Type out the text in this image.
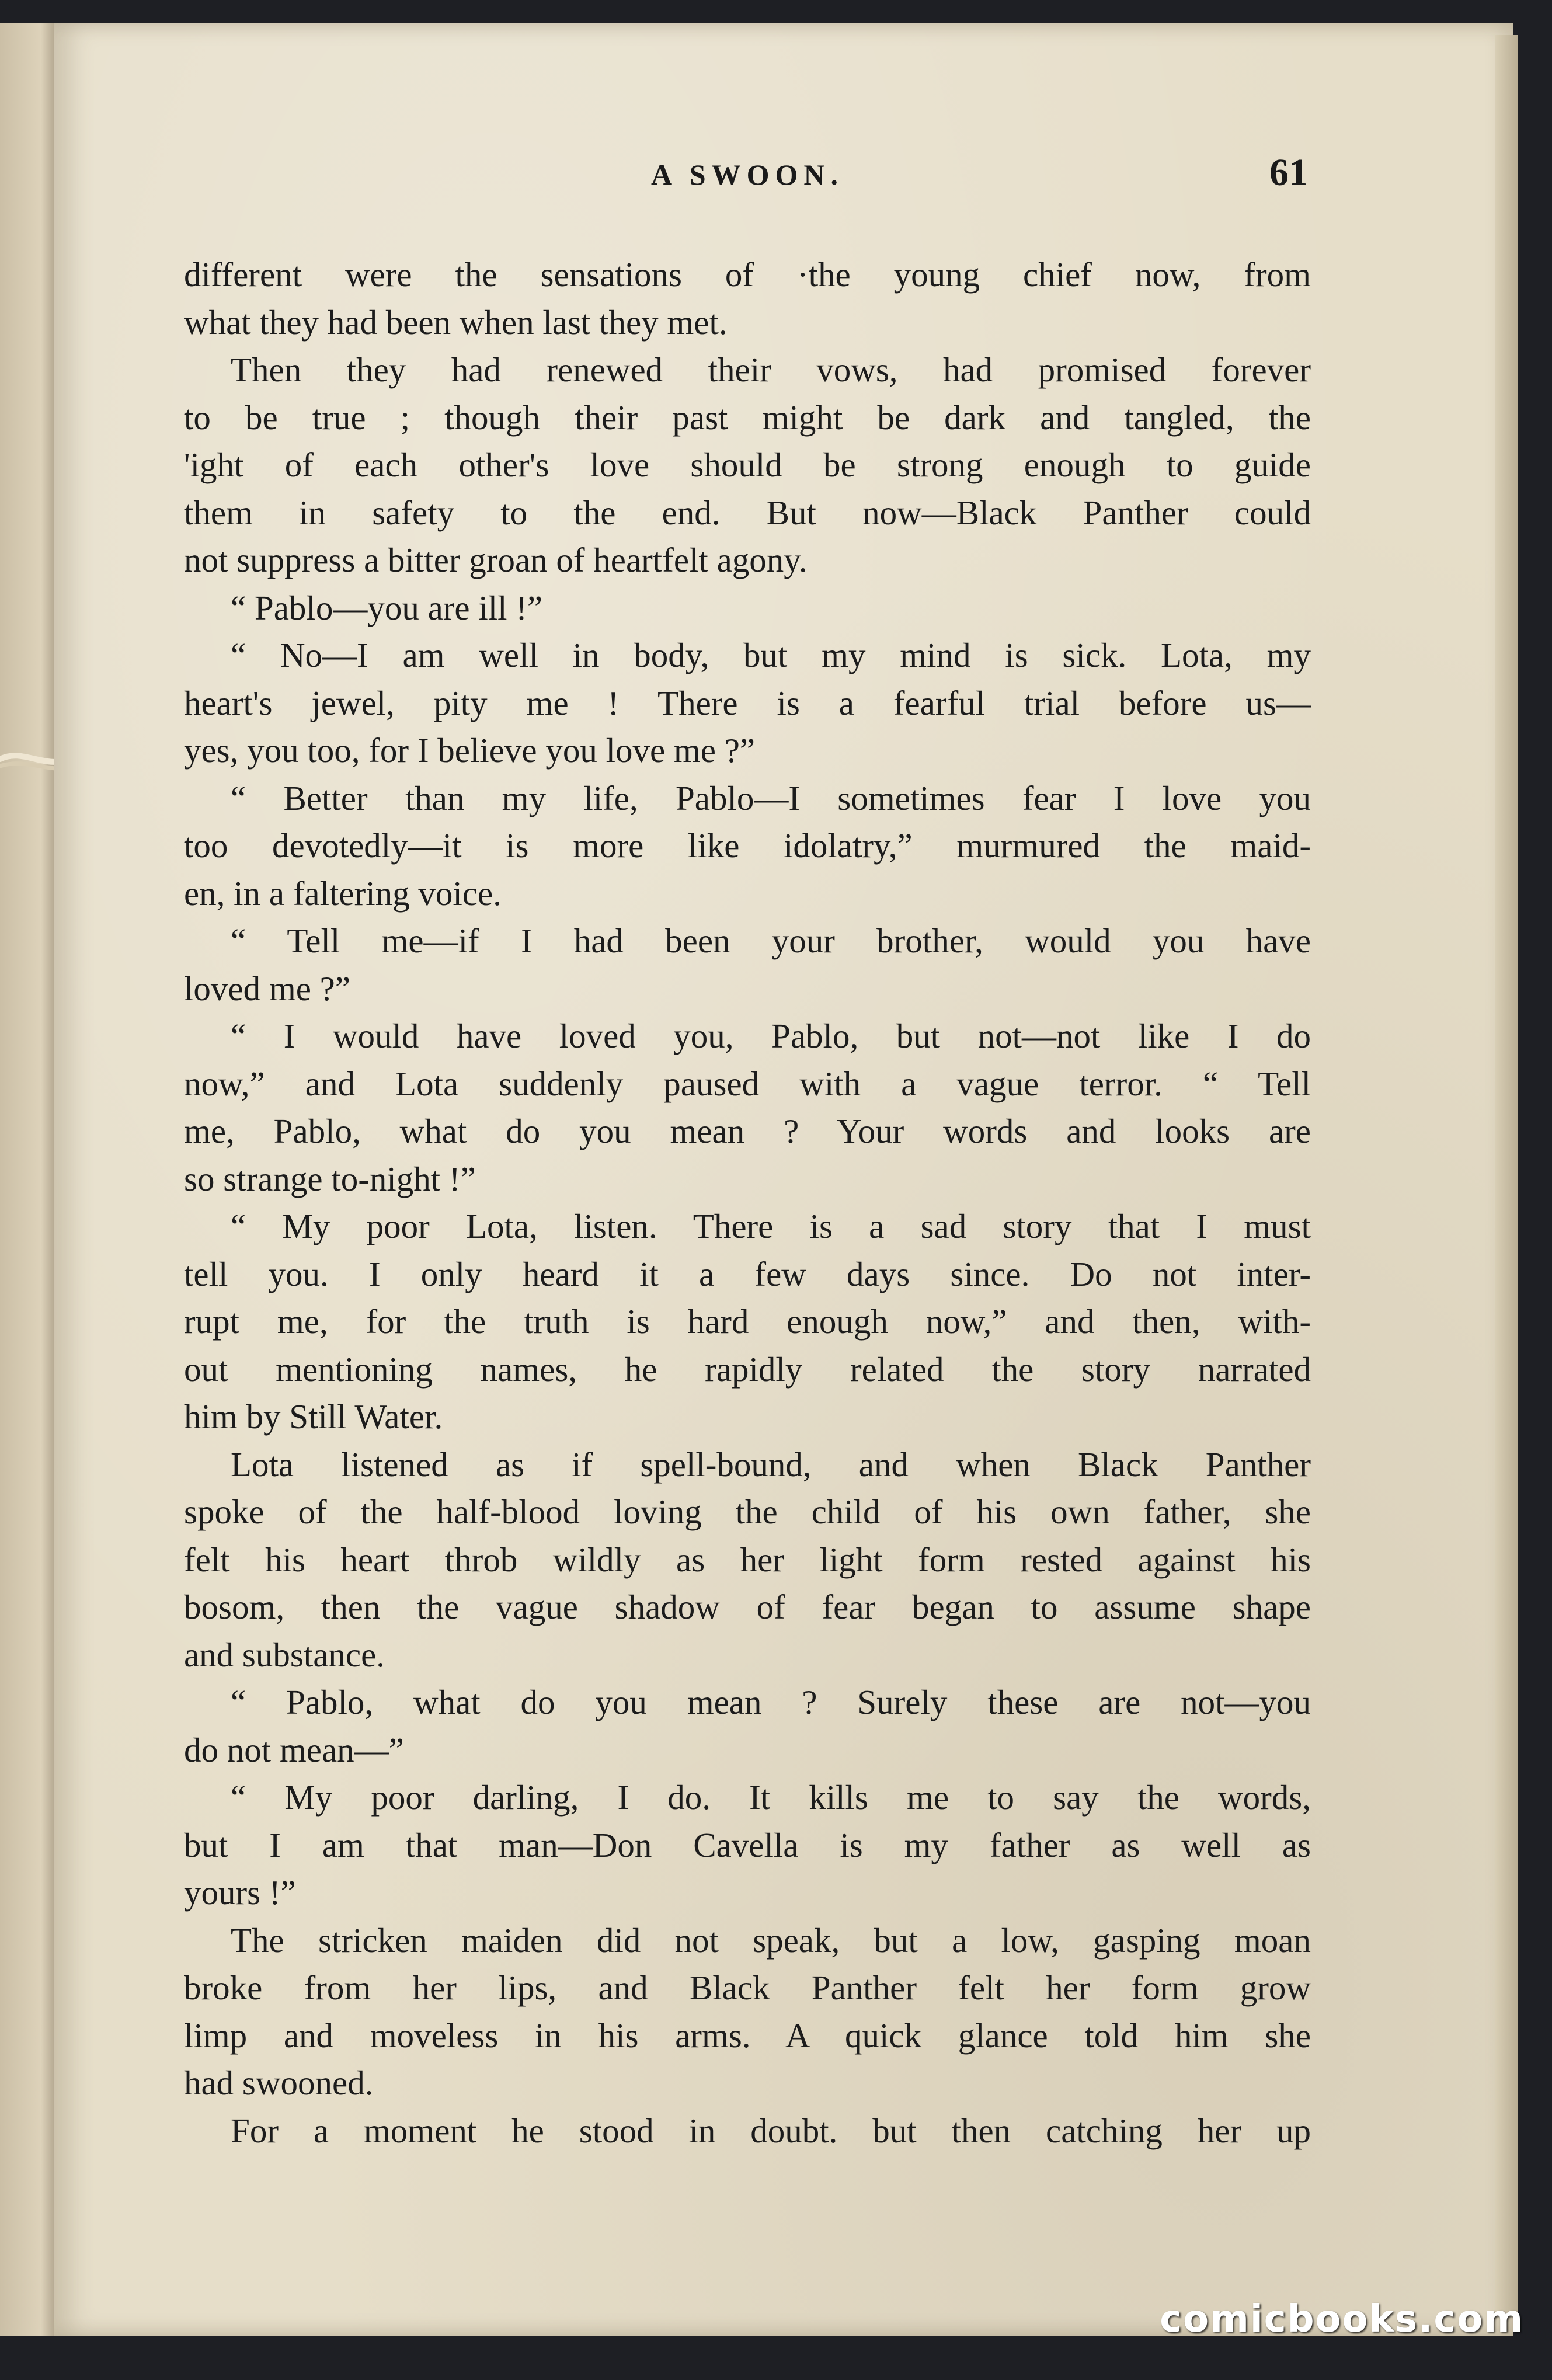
A SWOON.	61
different were the sensations of ·the young chief now, from
what they had been when last they met.
Then they had renewed their vows, had promised forever
to be true ; though their past might be dark and tangled, the
'ight of each other's love should be strong enough to guide
them in safety to the end. But now—Black Panther could
not suppress a bitter groan of heartfelt agony.
“ Pablo—you are ill !”
“ No—I am well in body, but my mind is sick. Lota, my
heart's jewel, pity me ! There is a fearful trial before us—
yes, you too, for I believe you love me ?”
“ Better than my life, Pablo—I sometimes fear I love you
too devotedly—it is more like idolatry,” murmured the maid-
en, in a faltering voice.
“ Tell me—if I had been your brother, would you have
loved me ?”
“ I would have loved you, Pablo, but not—not like I do
now,” and Lota suddenly paused with a vague terror. “ Tell
me, Pablo, what do you mean ? Your words and looks are
so strange to-night !”
“ My poor Lota, listen. There is a sad story that I must
tell you. I only heard it a few days since. Do not inter-
rupt me, for the truth is hard enough now,” and then, with-
out mentioning names, he rapidly related the story narrated
him by Still Water.
Lota listened as if spell-bound, and when Black Panther
spoke of the half-blood loving the child of his own father, she
felt his heart throb wildly as her light form rested against his
bosom, then the vague shadow of fear began to assume shape
and substance.
“ Pablo, what do you mean ? Surely these are not—you
do not mean—”
“ My poor darling, I do. It kills me to say the words,
but I am that man—Don Cavella is my father as well as
yours !”
The stricken maiden did not speak, but a low, gasping moan
broke from her lips, and Black Panther felt her form grow
limp and moveless in his arms. A quick glance told him she
had swooned.
For a moment he stood in doubt. but then catching her up
comicbooks.com
